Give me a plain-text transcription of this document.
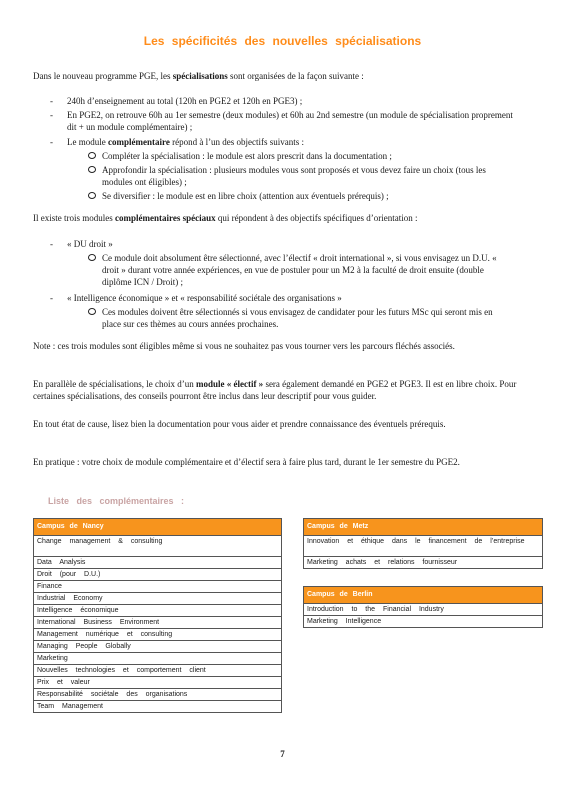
Les spécificités des nouvelles spécialisations
Dans le nouveau programme PGE, les spécialisations sont organisées de la façon suivante :
- 240h d’enseignement au total (120h en PGE2 et 120h en PGE3) ;
- En PGE2, on retrouve 60h au 1er semestre (deux modules) et 60h au 2nd semestre (un module de spécialisation proprement dit + un module complémentaire) ;
- Le module complémentaire répond à l’un des objectifs suivants :
Compléter la spécialisation : le module est alors prescrit dans la documentation ;
Approfondir la spécialisation : plusieurs modules vous sont proposés et vous devez faire un choix (tous les modules ont éligibles) ;
Se diversifier : le module est en libre choix (attention aux éventuels prérequis) ;
Il existe trois modules complémentaires spéciaux qui répondent à des objectifs spécifiques d’orientation :
- « DU droit »
Ce module doit absolument être sélectionné, avec l’électif « droit international », si vous envisagez un D.U. « droit » durant votre année expériences, en vue de postuler pour un M2 à la faculté de droit ensuite (double diplôme ICN / Droit) ;
- « Intelligence économique » et « responsabilité sociétale des organisations »
Ces modules doivent être sélectionnés si vous envisagez de candidater pour les futurs MSc qui seront mis en place sur ces thèmes au cours années prochaines.
Note : ces trois modules sont éligibles même si vous ne souhaitez pas vous tourner vers les parcours fléchés associés.
En parallèle de spécialisations, le choix d’un module « électif » sera également demandé en PGE2 et PGE3. Il est en libre choix. Pour certaines spécialisations, des conseils pourront être inclus dans leur descriptif pour vous guider.
En tout état de cause, lisez bien la documentation pour vous aider et prendre connaissance des éventuels prérequis.
En pratique : votre choix de module complémentaire et d’électif sera à faire plus tard, durant le 1er semestre du PGE2.
Liste des complémentaires :
Campus de Nancy
Change management & consulting
Data Analysis
Droit (pour D.U.)
Finance
Industrial Economy
Intelligence économique
International Business Environment
Management numérique et consulting
Managing People Globally
Marketing
Nouvelles technologies et comportement client
Prix et valeur
Responsabilité sociétale des organisations
Team Management
Campus de Metz
Innovation et éthique dans le financement de l’entreprise
Marketing achats et relations fournisseur
Campus de Berlin
Introduction to the Financial Industry
Marketing Intelligence
7
